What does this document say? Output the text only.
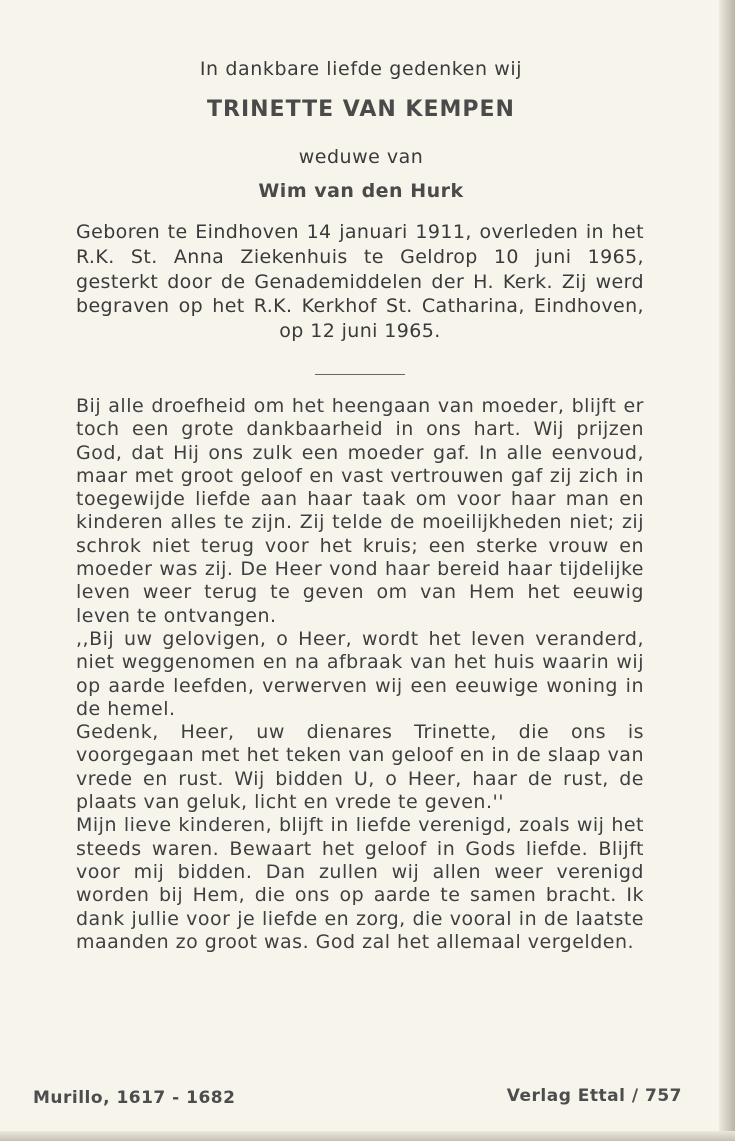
In dankbare liefde gedenken wij
TRINETTE VAN KEMPEN
weduwe van
Wim van den Hurk
Geboren te Eindhoven 14 januari 1911, overleden in het R.K. St. Anna Ziekenhuis te Geldrop 10 juni 1965, gesterkt door de Genademiddelen der H. Kerk. Zij werd begraven op het R.K. Kerkhof St. Catharina, Eindhoven, op 12 juni 1965.

Bij alle droefheid om het heengaan van moeder, blijft er toch een grote dankbaarheid in ons hart. Wij prijzen God, dat Hij ons zulk een moeder gaf. In alle eenvoud, maar met groot geloof en vast vertrouwen gaf zij zich in toegewijde liefde aan haar taak om voor haar man en kinderen alles te zijn. Zij telde de moeilijkheden niet; zij schrok niet terug voor het kruis; een sterke vrouw en moeder was zij. De Heer vond haar bereid haar tijdelijke leven weer terug te geven om van Hem het eeuwig leven te ontvangen.

,,Bij uw gelovigen, o Heer, wordt het leven veranderd, niet weggenomen en na afbraak van het huis waarin wij op aarde leefden, verwerven wij een eeuwige woning in de hemel.

Gedenk, Heer, uw dienares Trinette, die ons is voorgegaan met het teken van geloof en in de slaap van vrede en rust. Wij bidden U, o Heer, haar de rust, de plaats van geluk, licht en vrede te geven.''

Mijn lieve kinderen, blijft in liefde verenigd, zoals wij het steeds waren. Bewaart het geloof in Gods liefde. Blijft voor mij bidden. Dan zullen wij allen weer verenigd worden bij Hem, die ons op aarde te samen bracht. Ik dank jullie voor je liefde en zorg, die vooral in de laatste maanden zo groot was. God zal het allemaal vergelden.

Murillo, 1617 - 1682	Verlag Ettal / 757
